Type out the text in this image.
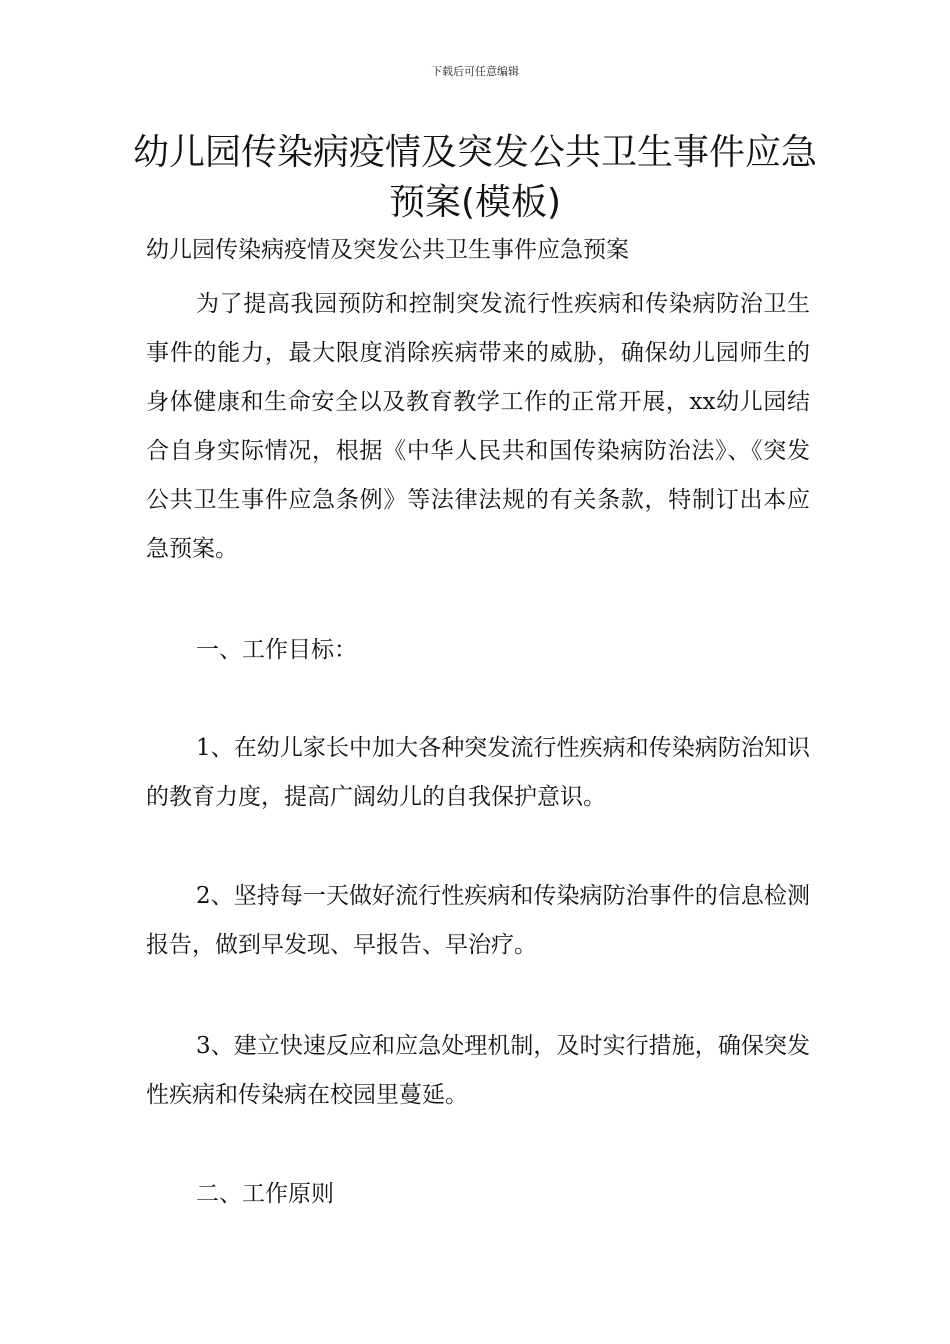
下载后可任意编辑
幼儿园传染病疫情及突发公共卫生事件应急预案(模板)
幼儿园传染病疫情及突发公共卫生事件应急预案

为了提高我园预防和控制突发流行性疾病和传染病防治卫生事件的能力，最大限度消除疾病带来的威胁，确保幼儿园师生的身体健康和生命安全以及教育教学工作的正常开展，xx幼儿园结合自身实际情况，根据《中华人民共和国传染病防治法》、《突发公共卫生事件应急条例》等法律法规的有关条款，特制订出本应急预案。

一、工作目标：

1、在幼儿家长中加大各种突发流行性疾病和传染病防治知识的教育力度，提高广阔幼儿的自我保护意识。

2、坚持每一天做好流行性疾病和传染病防治事件的信息检测报告，做到早发现、早报告、早治疗。

3、建立快速反应和应急处理机制，及时实行措施，确保突发性疾病和传染病在校园里蔓延。

二、工作原则
